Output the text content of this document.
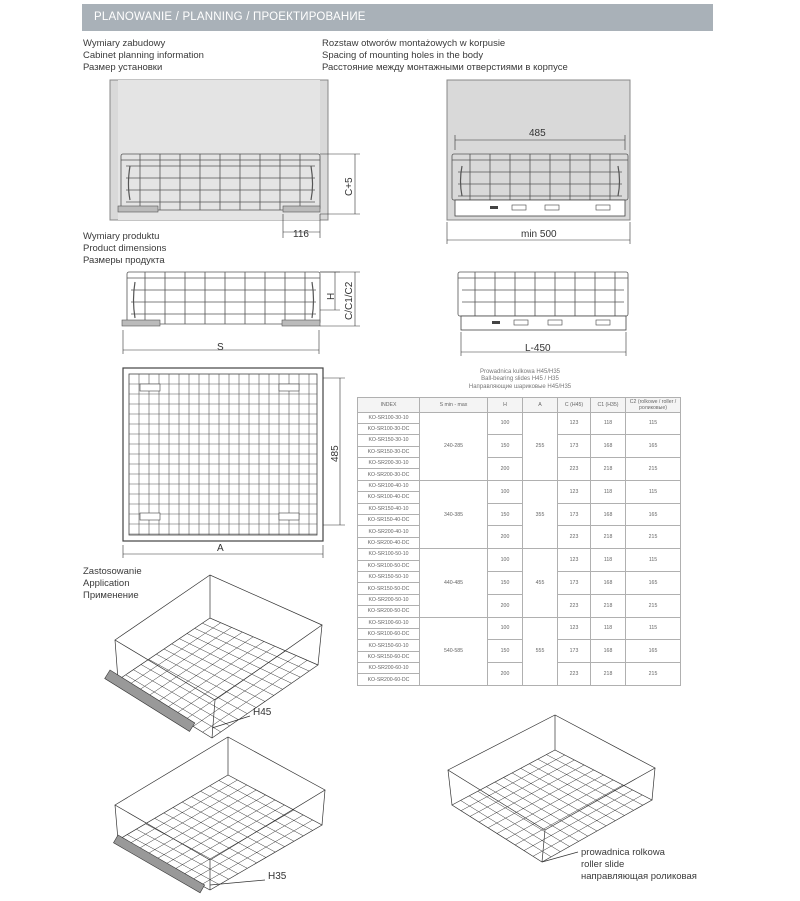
PLANOWANIE / PLANNING / ПРОЕКТИРОВАНИЕ
Wymiary zabudowy
Cabinet planning information
Размер установки
Rozstaw otworów montażowych w korpusie
Spacing of mounting holes in the body
Расстояние между монтажными отверстиями в корпусе
Wymiary produktu
Product dimensions
Размеры продукта
Zastosowanie
Application
Применение
C+5
116
485
min 500
H C/C1/C2
S	L-450
485
A
Prowadnica kulkowa H45/H35
Ball-bearing slides H45 / H35
Направляющие шариковые H45/H35
INDEX	S min - max	H	A	C (H45)	C1 (H35)	C2 (rolkowe / roller / роликовые)
KO-SR100-30-10	240-285	100	255	123	118	115
KO-SR100-30-DC						
KO-SR150-30-10		150		173	168	165
KO-SR150-30-DC						
KO-SR200-30-10		200		223	218	215
KO-SR200-30-DC						
KO-SR100-40-10	340-385	100	355	123	118	115
KO-SR100-40-DC						
KO-SR150-40-10		150		173	168	165
KO-SR150-40-DC						
KO-SR200-40-10		200		223	218	215
KO-SR200-40-DC						
KO-SR100-50-10	440-485	100	455	123	118	115
KO-SR100-50-DC						
KO-SR150-50-10		150		173	168	165
KO-SR150-50-DC						
KO-SR200-50-10		200		223	218	215
KO-SR200-50-DC						
KO-SR100-60-10	540-585	100	555	123	118	115
KO-SR100-60-DC						
KO-SR150-60-10		150		173	168	165
KO-SR150-60-DC						
KO-SR200-60-10		200		223	218	215
KO-SR200-60-DC						
H45
H35
prowadnica rolkowa
roller slide
направляющая роликовая
